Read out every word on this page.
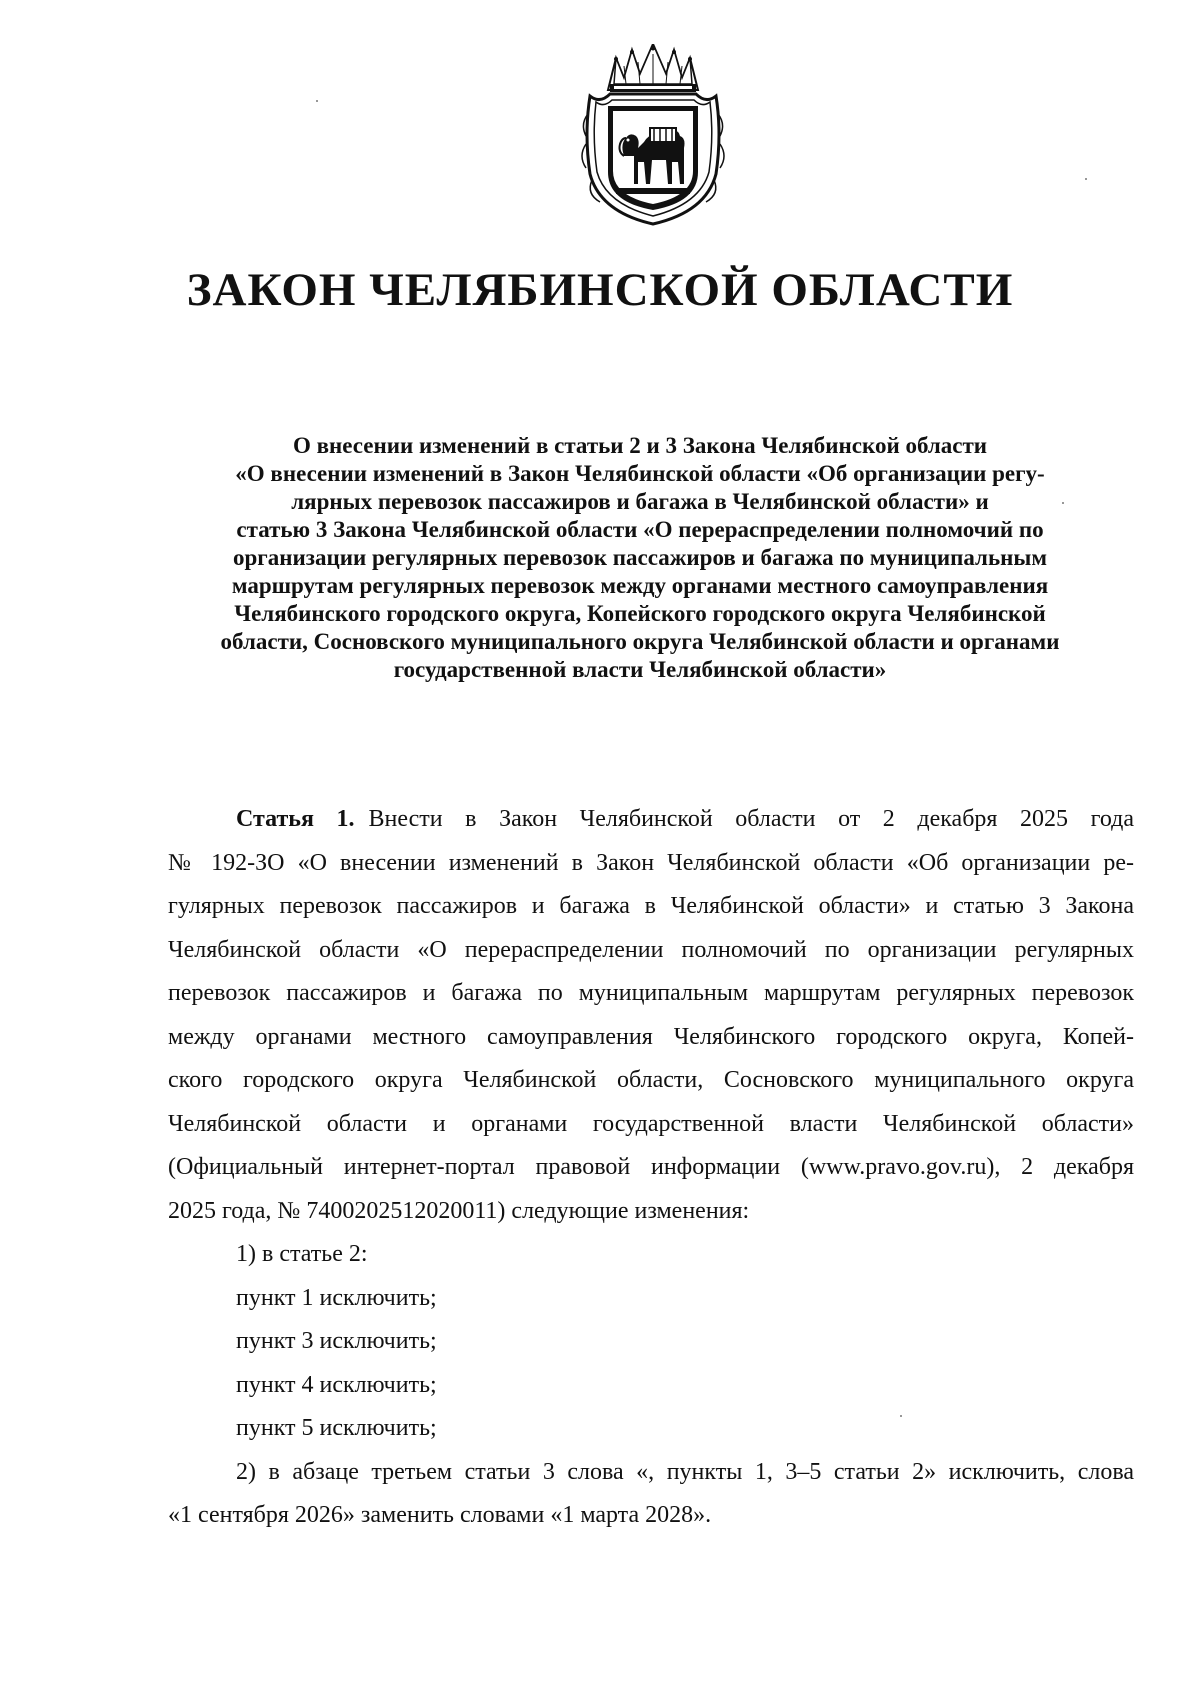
ЗАКОН ЧЕЛЯБИНСКОЙ ОБЛАСТИ
О внесении изменений в статьи 2 и 3 Закона Челябинской области
«О внесении изменений в Закон Челябинской области «Об организации регу-
лярных перевозок пассажиров и багажа в Челябинской области» и
статью 3 Закона Челябинской области «О перераспределении полномочий по
организации регулярных перевозок пассажиров и багажа по муниципальным
маршрутам регулярных перевозок между органами местного самоуправления
Челябинского городского округа, Копейского городского округа Челябинской
области, Сосновского муниципального округа Челябинской области и органами
государственной власти Челябинской области»
Статья 1. Внести в Закон Челябинской области от 2 декабря 2025 года
№ 192-ЗО «О внесении изменений в Закон Челябинской области «Об организации ре-
гулярных перевозок пассажиров и багажа в Челябинской области» и статью 3 Закона
Челябинской области «О перераспределении полномочий по организации регулярных
перевозок пассажиров и багажа по муниципальным маршрутам регулярных перевозок
между органами местного самоуправления Челябинского городского округа, Копей-
ского городского округа Челябинской области, Сосновского муниципального округа
Челябинской области и органами государственной власти Челябинской области»
(Официальный интернет-портал правовой информации (www.pravo.gov.ru), 2 декабря
2025 года, № 7400202512020011) следующие изменения:
1) в статье 2:
пункт 1 исключить;
пункт 3 исключить;
пункт 4 исключить;
пункт 5 исключить;
2) в абзаце третьем статьи 3 слова «, пункты 1, 3–5 статьи 2» исключить, слова
«1 сентября 2026» заменить словами «1 марта 2028».
